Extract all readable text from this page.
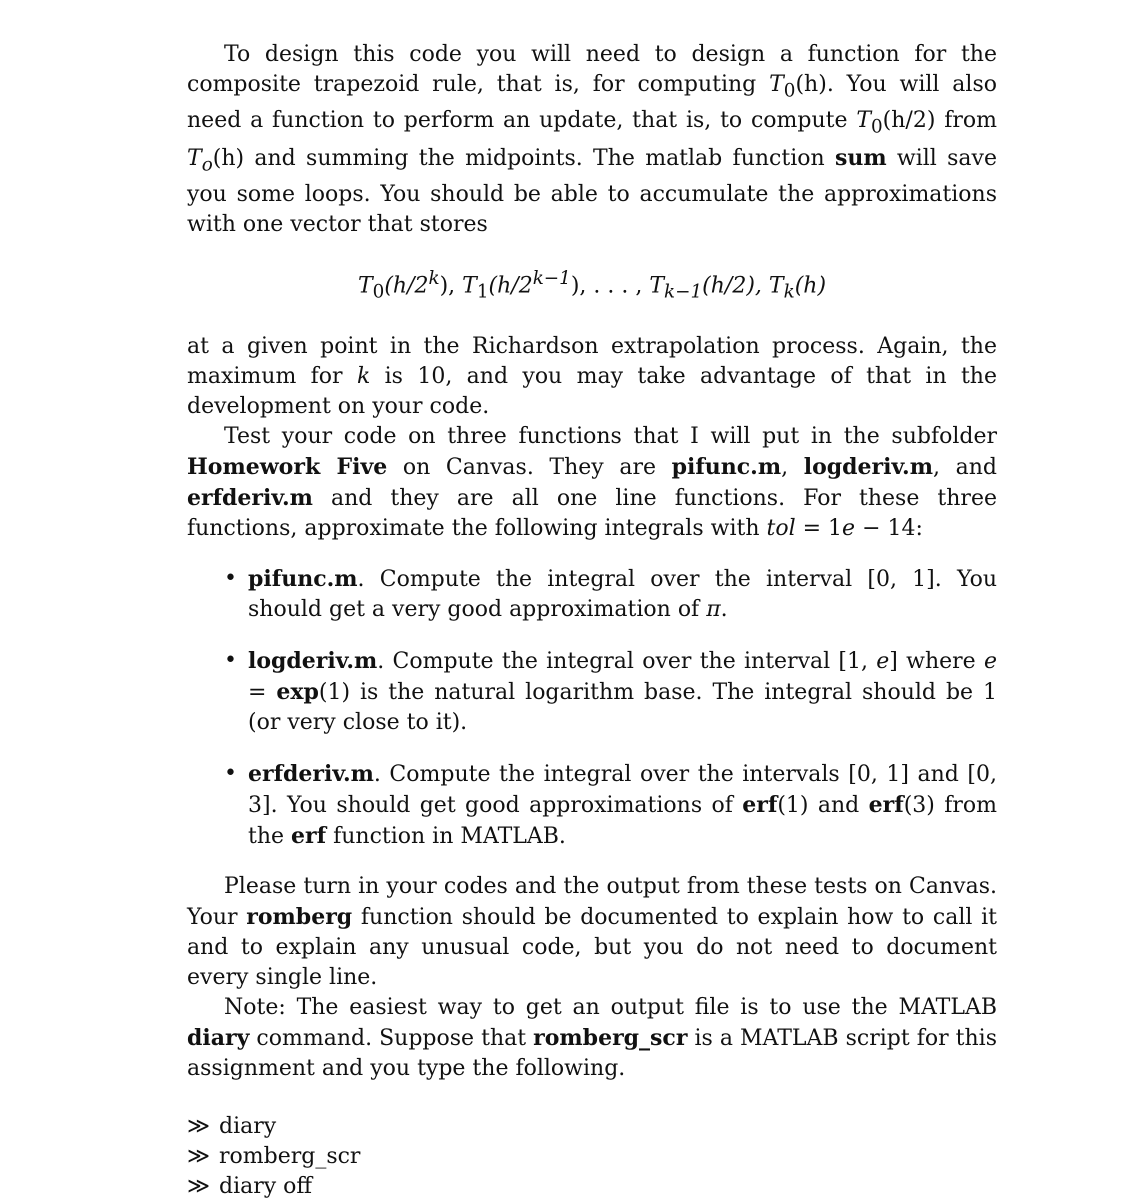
To design this code you will need to design a function for the composite trapezoid rule, that is, for computing $T_0(h)$. You will also need a function to perform an update, that is, to compute $T_0(h/2)$ from $T_o(h)$ and summing the midpoints. The matlab function sum will save you some loops. You should be able to accumulate the approximations with one vector that stores

$T_0(h/2^k)$, $T_1(h/2^{k-1})$, . . . , $T_{k-1}(h/2)$, $T_k(h)$

at a given point in the Richardson extrapolation process. Again, the maximum for k is 10, and you may take advantage of that in the development on your code.

Test your code on three functions that I will put in the subfolder Homework Five on Canvas. They are pifunc.m, logderiv.m, and erfderiv.m and they are all one line functions. For these three functions, approximate the following integrals with tol = 1e − 14:

• pifunc.m. Compute the integral over the interval [0, 1]. You should get a very good approximation of π.
• logderiv.m. Compute the integral over the interval [1, e] where e = exp(1) is the natural logarithm base. The integral should be 1 (or very close to it).
• erfderiv.m. Compute the integral over the intervals [0, 1] and [0, 3]. You should get good approximations of erf(1) and erf(3) from the erf function in MATLAB.

Please turn in your codes and the output from these tests on Canvas. Your romberg function should be documented to explain how to call it and to explain any unusual code, but you do not need to document every single line.

Note: The easiest way to get an output file is to use the MATLAB diary command. Suppose that romberg_scr is a MATLAB script for this assignment and you type the following.

≫ diary
≫ romberg_scr
≫ diary off
